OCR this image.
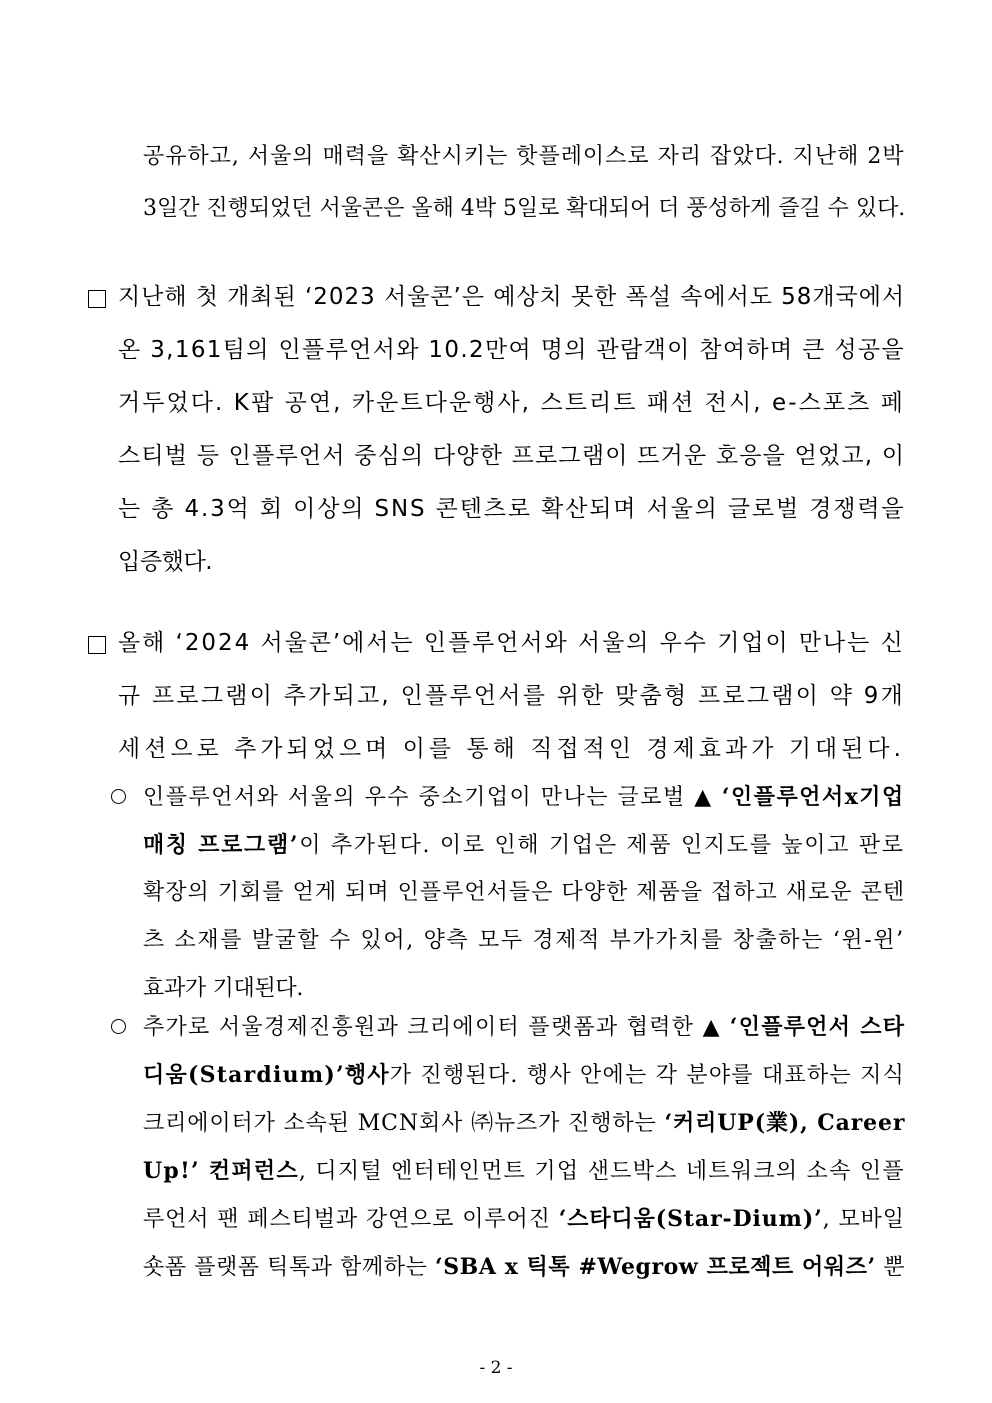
공유하고, 서울의 매력을 확산시키는 핫플레이스로 자리 잡았다. 지난해 2박

3일간 진행되었던 서울콘은 올해 4박 5일로 확대되어 더 풍성하게 즐길 수 있다.

지난해 첫 개최된 ‘2023 서울콘’은 예상치 못한 폭설 속에서도 58개국에서

온 3,161팀의 인플루언서와 10.2만여 명의 관람객이 참여하며 큰 성공을

거두었다. K팝 공연, 카운트다운행사, 스트리트 패션 전시, e-스포츠 페

스티벌 등 인플루언서 중심의 다양한 프로그램이 뜨거운 호응을 얻었고, 이

는 총 4.3억 회 이상의 SNS 콘텐츠로 확산되며 서울의 글로벌 경쟁력을

입증했다.

올해 ‘2024 서울콘’에서는 인플루언서와 서울의 우수 기업이 만나는 신

규 프로그램이 추가되고, 인플루언서를 위한 맞춤형 프로그램이 약 9개

세션으로 추가되었으며 이를 통해 직접적인 경제효과가 기대된다.

인플루언서와 서울의 우수 중소기업이 만나는 글로벌 ▲ ‘인플루언서x기업

매칭 프로그램’이 추가된다. 이로 인해 기업은 제품 인지도를 높이고 판로

확장의 기회를 얻게 되며 인플루언서들은 다양한 제품을 접하고 새로운 콘텐

츠 소재를 발굴할 수 있어, 양측 모두 경제적 부가가치를 창출하는 ‘윈-윈’

효과가 기대된다.

추가로 서울경제진흥원과 크리에이터 플랫폼과 협력한 ▲ ‘인플루언서 스타

디움(Stardium)’행사가 진행된다. 행사 안에는 각 분야를 대표하는 지식

크리에이터가 소속된 MCN회사 ㈜뉴즈가 진행하는 ‘커리UP(業), Career

Up!’ 컨퍼런스, 디지털 엔터테인먼트 기업 샌드박스 네트워크의 소속 인플

루언서 팬 페스티벌과 강연으로 이루어진 ‘스타디움(Star-Dium)’, 모바일

숏폼 플랫폼 틱톡과 함께하는 ‘SBA x 틱톡 #Wegrow 프로젝트 어워즈’ 뿐

- 2 -
